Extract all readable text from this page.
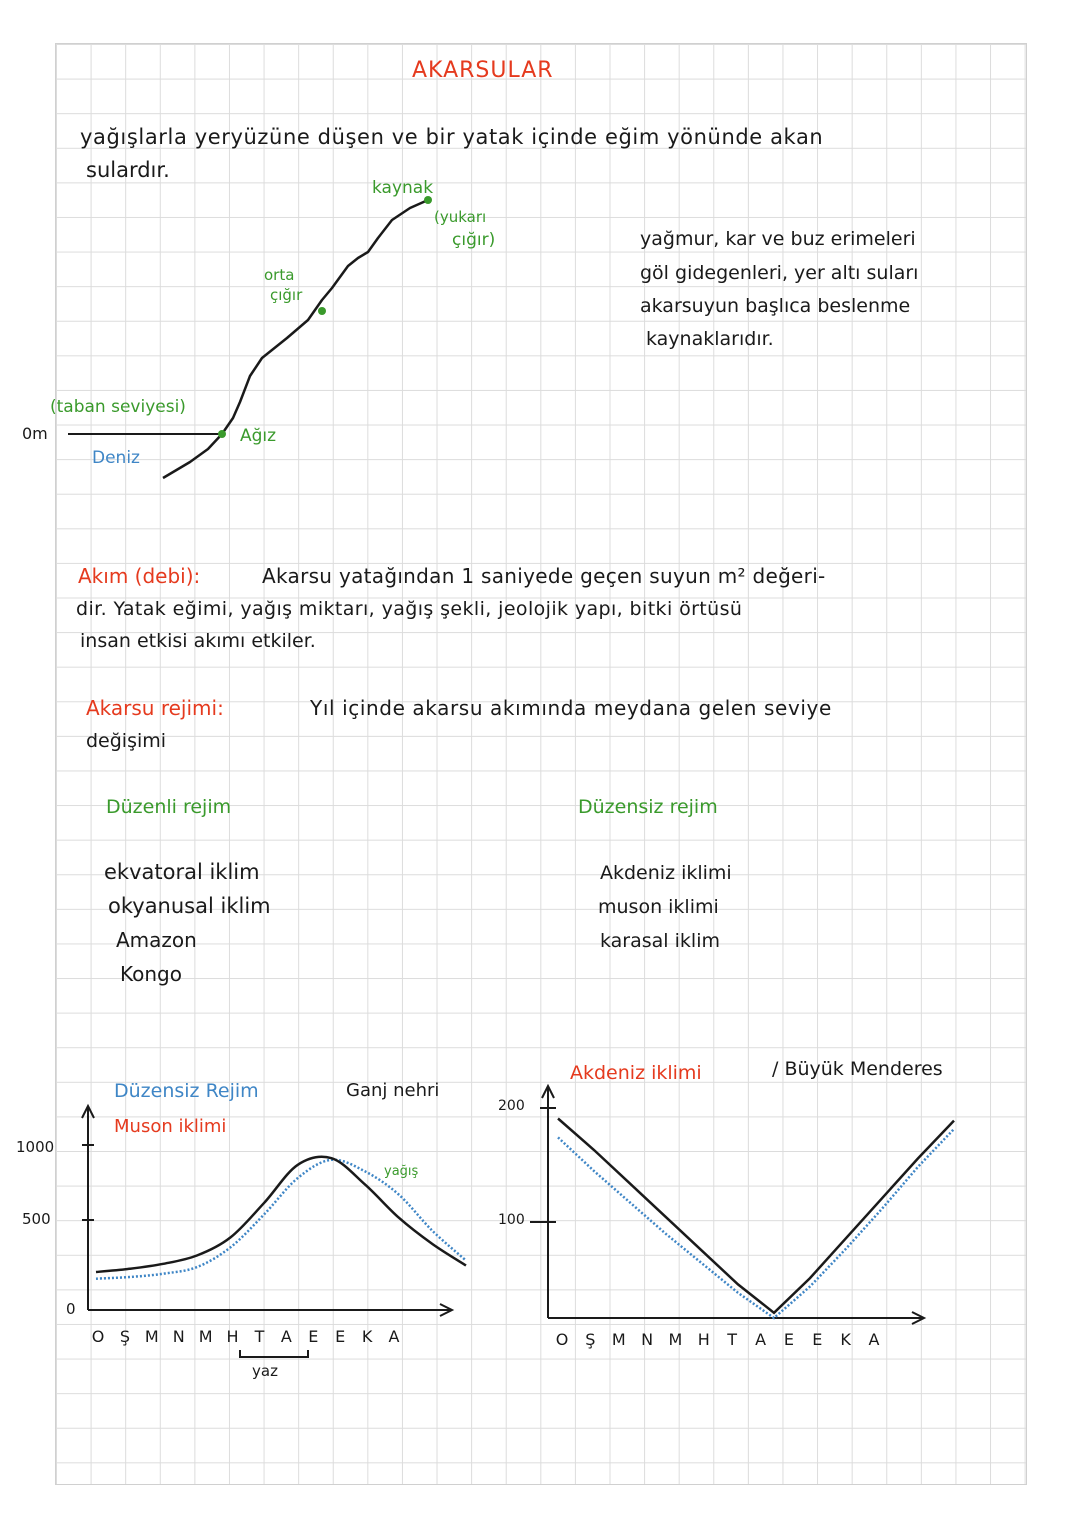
AKARSULAR
yağışlarla yeryüzüne düşen ve bir yatak içinde eğim yönünde akan
sulardır.
kaynak
(yukarı
çığır)
orta
çığır
(taban seviyesi)
0m
Deniz
Ağız
yağmur, kar ve buz erimeleri
göl gidegenleri, yer altı suları
akarsuyun başlıca beslenme
kaynaklarıdır.
Akım (debi):	Akarsu yatağından 1 saniyede geçen suyun m² değeri-
dir. Yatak eğimi, yağış miktarı, yağış şekli, jeolojik yapı, bitki örtüsü
insan etkisi akımı etkiler.
Akarsu rejimi:	Yıl içinde akarsu akımında meydana gelen seviye
değişimi
Düzenli rejim
ekvatoral iklim
okyanusal iklim
Amazon
Kongo
Düzensiz rejim
Akdeniz iklimi
muson iklimi
karasal iklim
Düzensiz Rejim
Muson iklimi
Ganj nehri
yağış
1000
500
0
yaz
O Ş M N M H T A E E K A
Akdeniz iklimi	/ Büyük Menderes
200
100
O Ş M N M H T A E E K A
